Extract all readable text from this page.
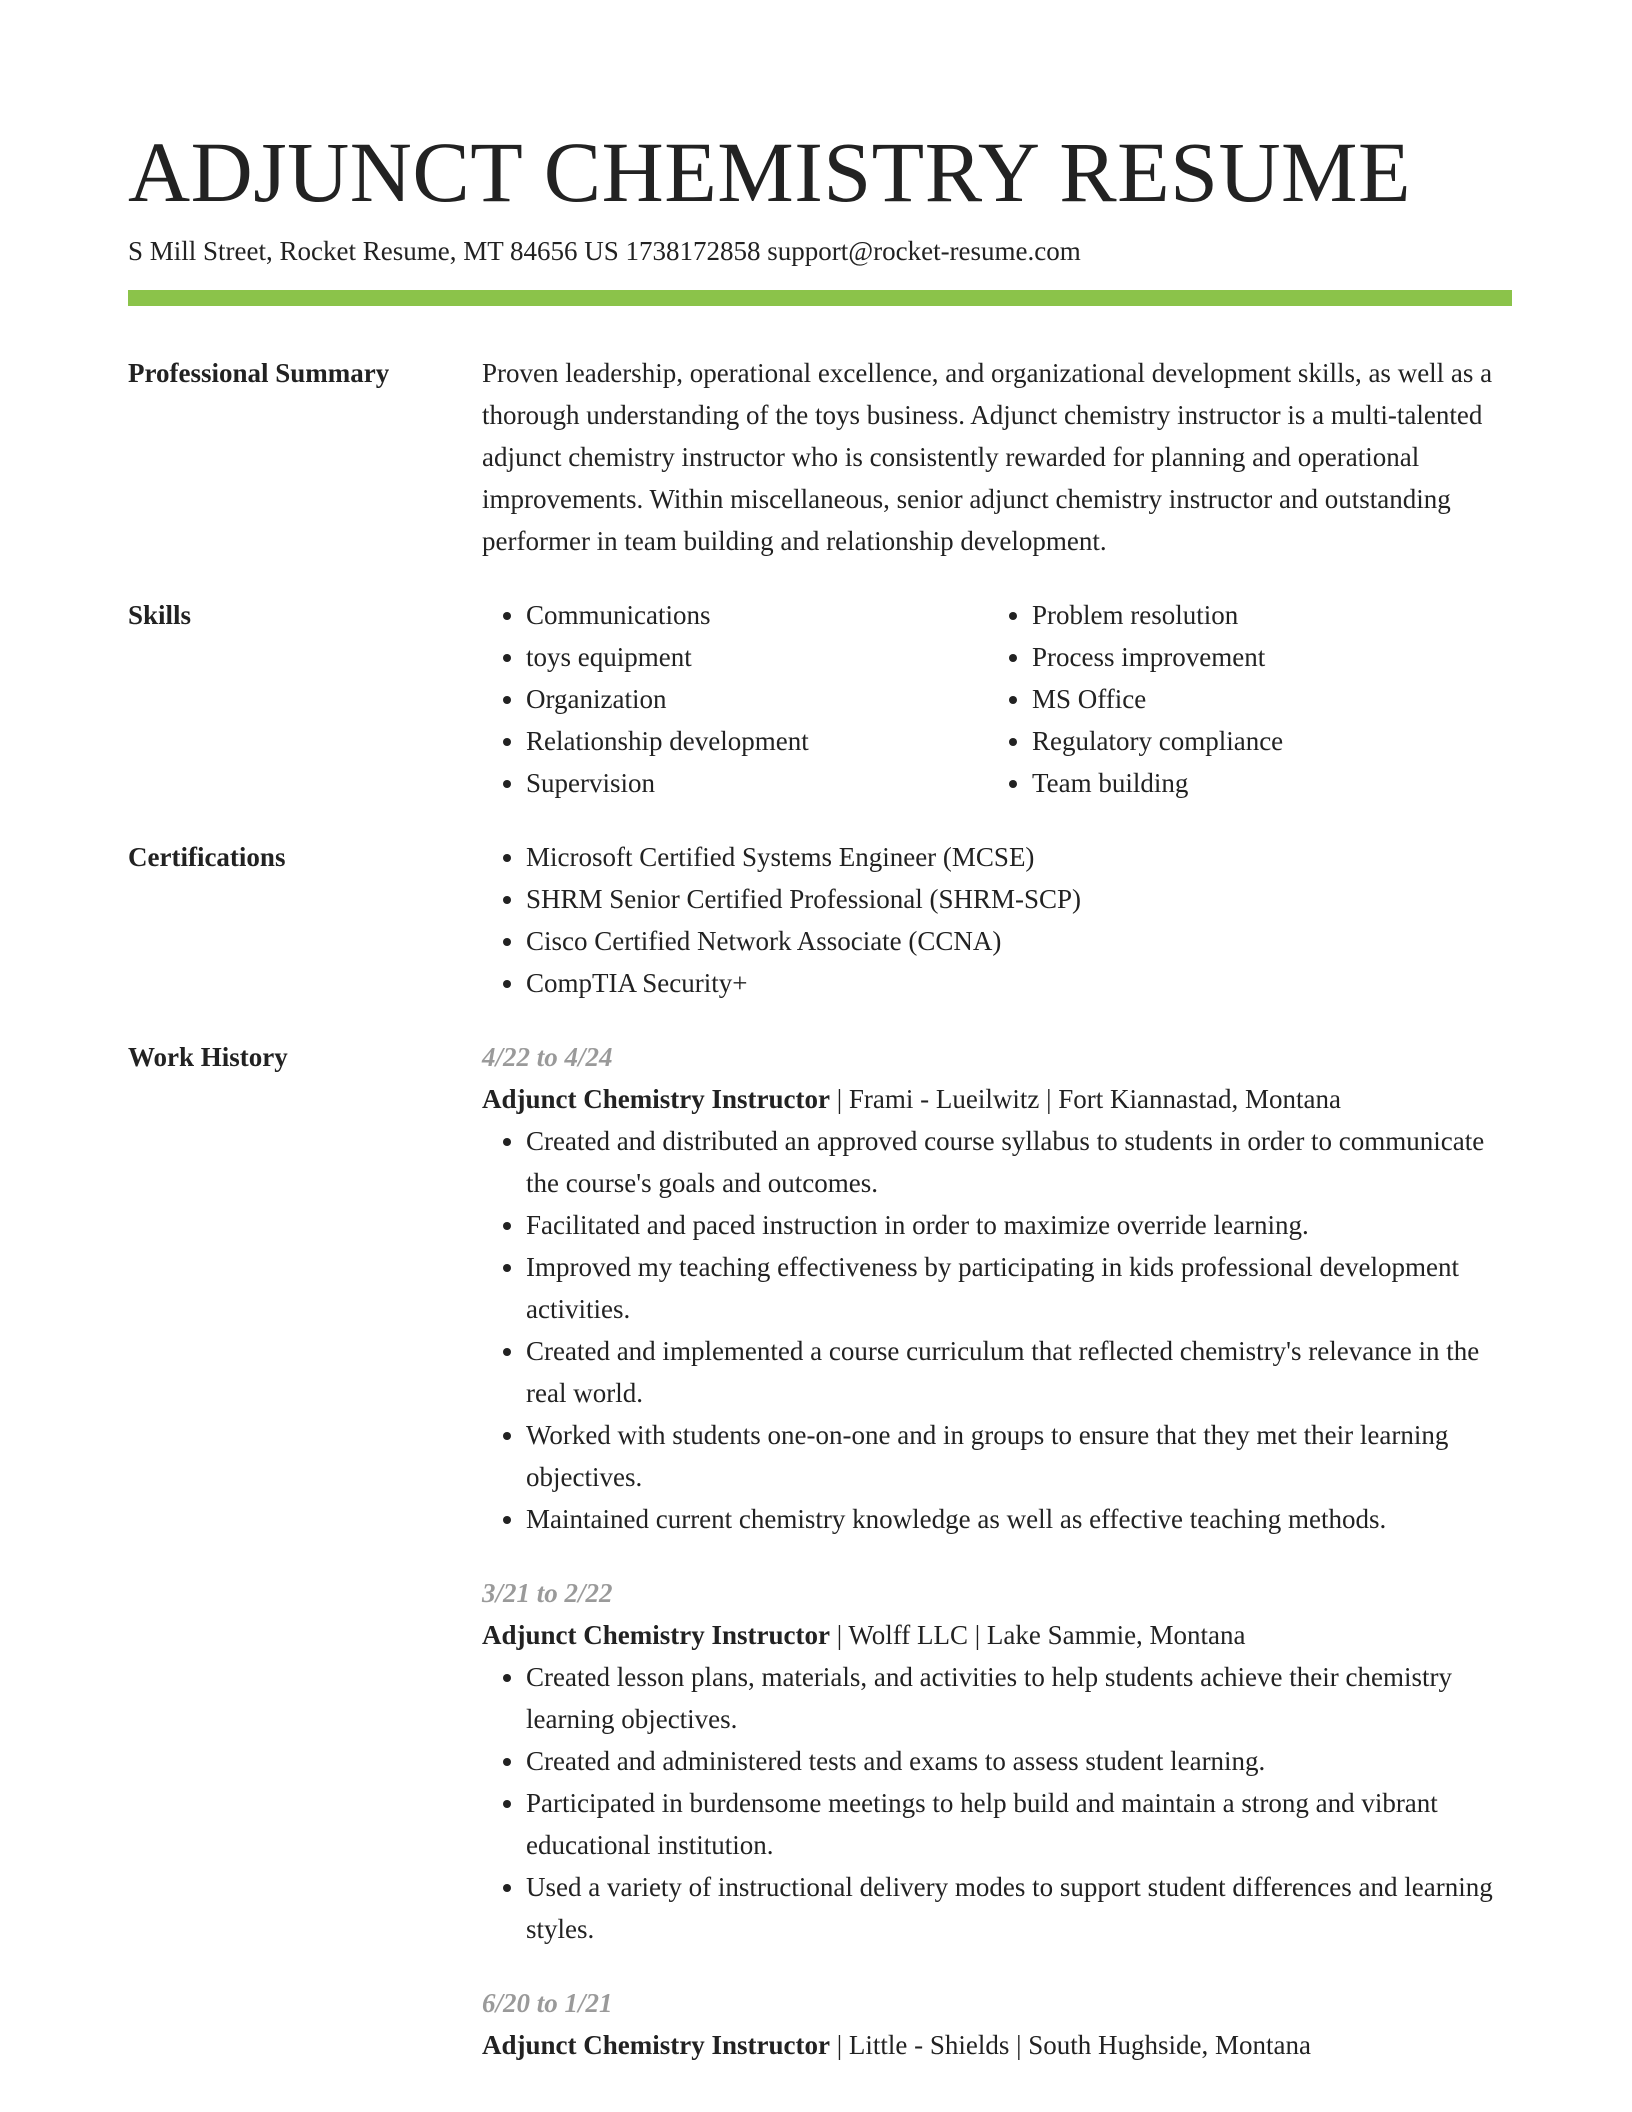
ADJUNCT CHEMISTRY RESUME
S Mill Street, Rocket Resume, MT 84656 US 1738172858 support@rocket-resume.com
Professional Summary	Proven leadership, operational excellence, and organizational development skills, as well as a thorough understanding of the toys business. Adjunct chemistry instructor is a multi-talented adjunct chemistry instructor who is consistently rewarded for planning and operational improvements. Within miscellaneous, senior adjunct chemistry instructor and outstanding performer in team building and relationship development.

Skills	• Communications
• toys equipment
• Organization
• Relationship development
• Supervision
• Problem resolution
• Process improvement
• MS Office
• Regulatory compliance
• Team building
Certifications	• Microsoft Certified Systems Engineer (MCSE)
• SHRM Senior Certified Professional (SHRM-SCP)
• Cisco Certified Network Associate (CCNA)
• CompTIA Security+
Work History	4/22 to 4/24
Adjunct Chemistry Instructor | Frami - Lueilwitz | Fort Kiannastad, Montana
• Created and distributed an approved course syllabus to students in order to communicate the course's goals and outcomes.
• Facilitated and paced instruction in order to maximize override learning.
• Improved my teaching effectiveness by participating in kids professional development activities.
• Created and implemented a course curriculum that reflected chemistry's relevance in the real world.
• Worked with students one-on-one and in groups to ensure that they met their learning objectives.
• Maintained current chemistry knowledge as well as effective teaching methods.
3/21 to 2/22
Adjunct Chemistry Instructor | Wolff LLC | Lake Sammie, Montana
• Created lesson plans, materials, and activities to help students achieve their chemistry learning objectives.
• Created and administered tests and exams to assess student learning.
• Participated in burdensome meetings to help build and maintain a strong and vibrant educational institution.
• Used a variety of instructional delivery modes to support student differences and learning styles.
6/20 to 1/21
Adjunct Chemistry Instructor | Little - Shields | South Hughside, Montana
